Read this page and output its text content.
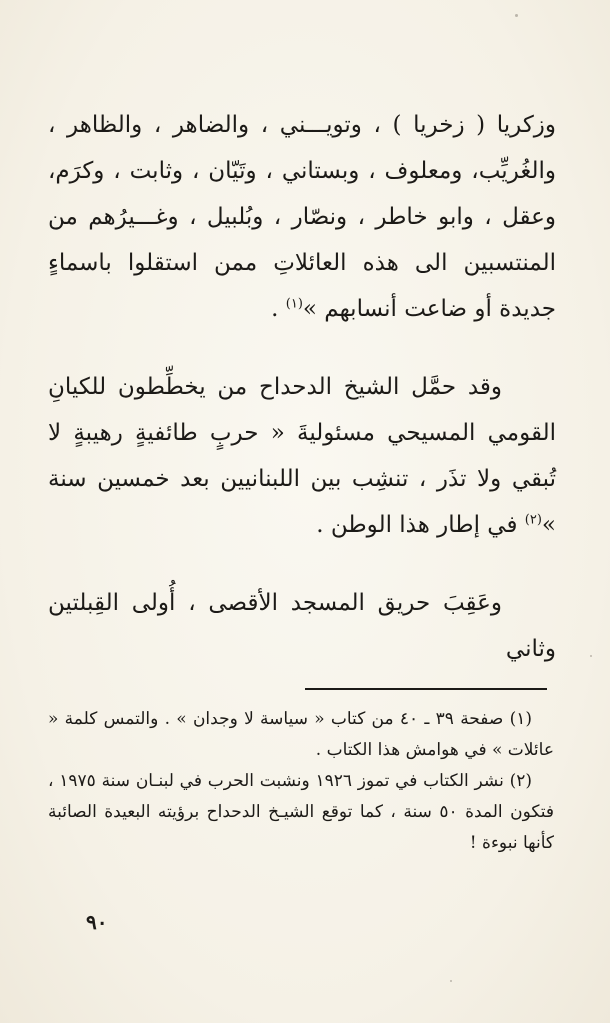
وزكريا ( زخريا ) ، وتويـــني ، والضاهر ، والظاهر ، والغُريِّب، ومعلوف ، وبستاني ، وتَيّان ، وثابت ، وكرَم، وعقل ، وابو خاطر ، ونصّار ، وبُلبيل ، وغـــيرُهم من المنتسبين الى هذه العائلاتِ ممن استقلوا باسماءٍ جديدة أو ضاعت أنسابهم »$^{(١)}$ .

وقد حمَّل الشيخ الدحداح من يخطِّطون للكيانِ القومي المسيحي مسئوليةَ « حربٍ طائفيةٍ رهيبةٍ لا تُبقي ولا تذَر ، تنشِب بين اللبنانيين بعد خمسين سنة »$^{(٢)}$ في إطار هذا الوطن .

وعَقِبَ حريق المسجد الأقصى ، أُولى القِبلتين وثاني

(١) صفحة ٣٩ ـ ٤٠ من كتاب « سياسة لا وجدان » . والتمس كلمة « عائلات » في هوامش هذا الكتاب .

(٢) نشر الكتاب في تموز ١٩٢٦ ونشبت الحرب في لبنـان سنة ١٩٧٥ ، فتكون المدة ٥٠ سنة ، كما توقع الشيـخ الدحداح برؤيته البعيدة الصائبة كأنها نبوءة !

٩٠
